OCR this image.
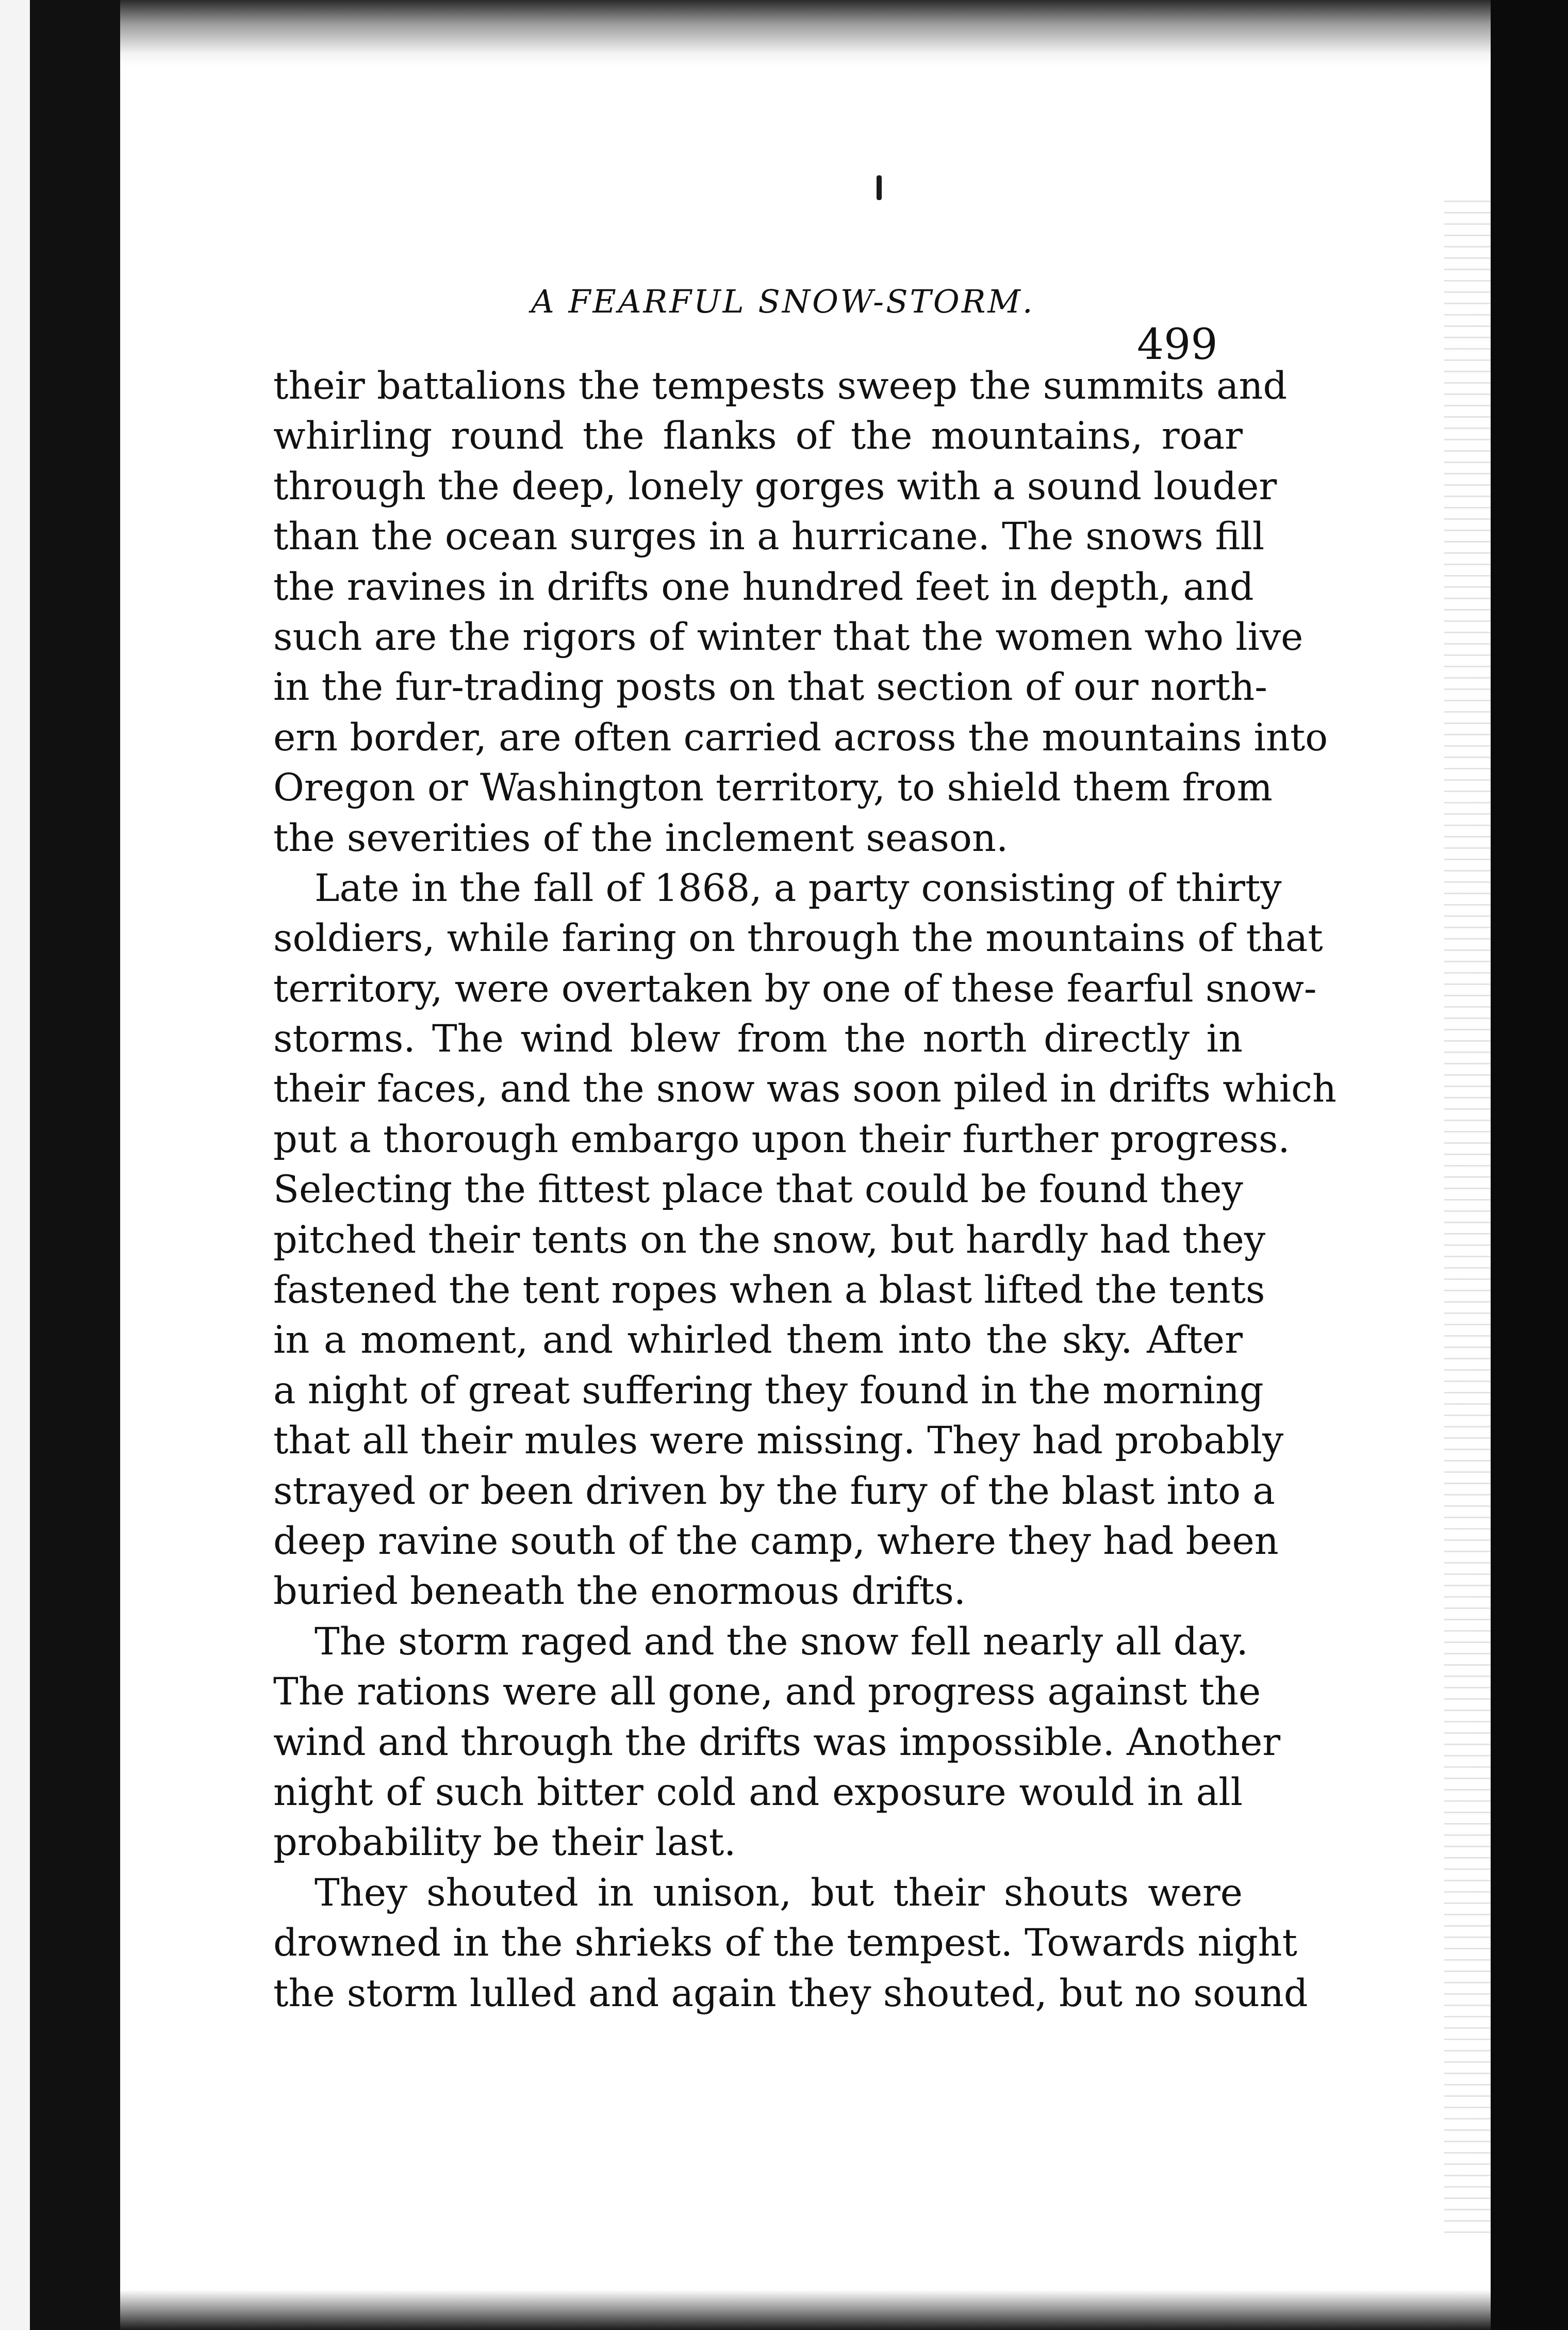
A FEARFUL SNOW-STORM.
499
their battalions the tempests sweep the summits and
whirling round the flanks of the mountains, roar
through the deep, lonely gorges with a sound louder
than the ocean surges in a hurricane. The snows fill
the ravines in drifts one hundred feet in depth, and
such are the rigors of winter that the women who live
in the fur-trading posts on that section of our north-
ern border, are often carried across the mountains into
Oregon or Washington territory, to shield them from
the severities of the inclement season.
Late in the fall of 1868, a party consisting of thirty
soldiers, while faring on through the mountains of that
territory, were overtaken by one of these fearful snow-
storms. The wind blew from the north directly in
their faces, and the snow was soon piled in drifts which
put a thorough embargo upon their further progress.
Selecting the fittest place that could be found they
pitched their tents on the snow, but hardly had they
fastened the tent ropes when a blast lifted the tents
in a moment, and whirled them into the sky. After
a night of great suffering they found in the morning
that all their mules were missing. They had probably
strayed or been driven by the fury of the blast into a
deep ravine south of the camp, where they had been
buried beneath the enormous drifts.
The storm raged and the snow fell nearly all day.
The rations were all gone, and progress against the
wind and through the drifts was impossible. Another
night of such bitter cold and exposure would in all
probability be their last.
They shouted in unison, but their shouts were
drowned in the shrieks of the tempest. Towards night
the storm lulled and again they shouted, but no sound
